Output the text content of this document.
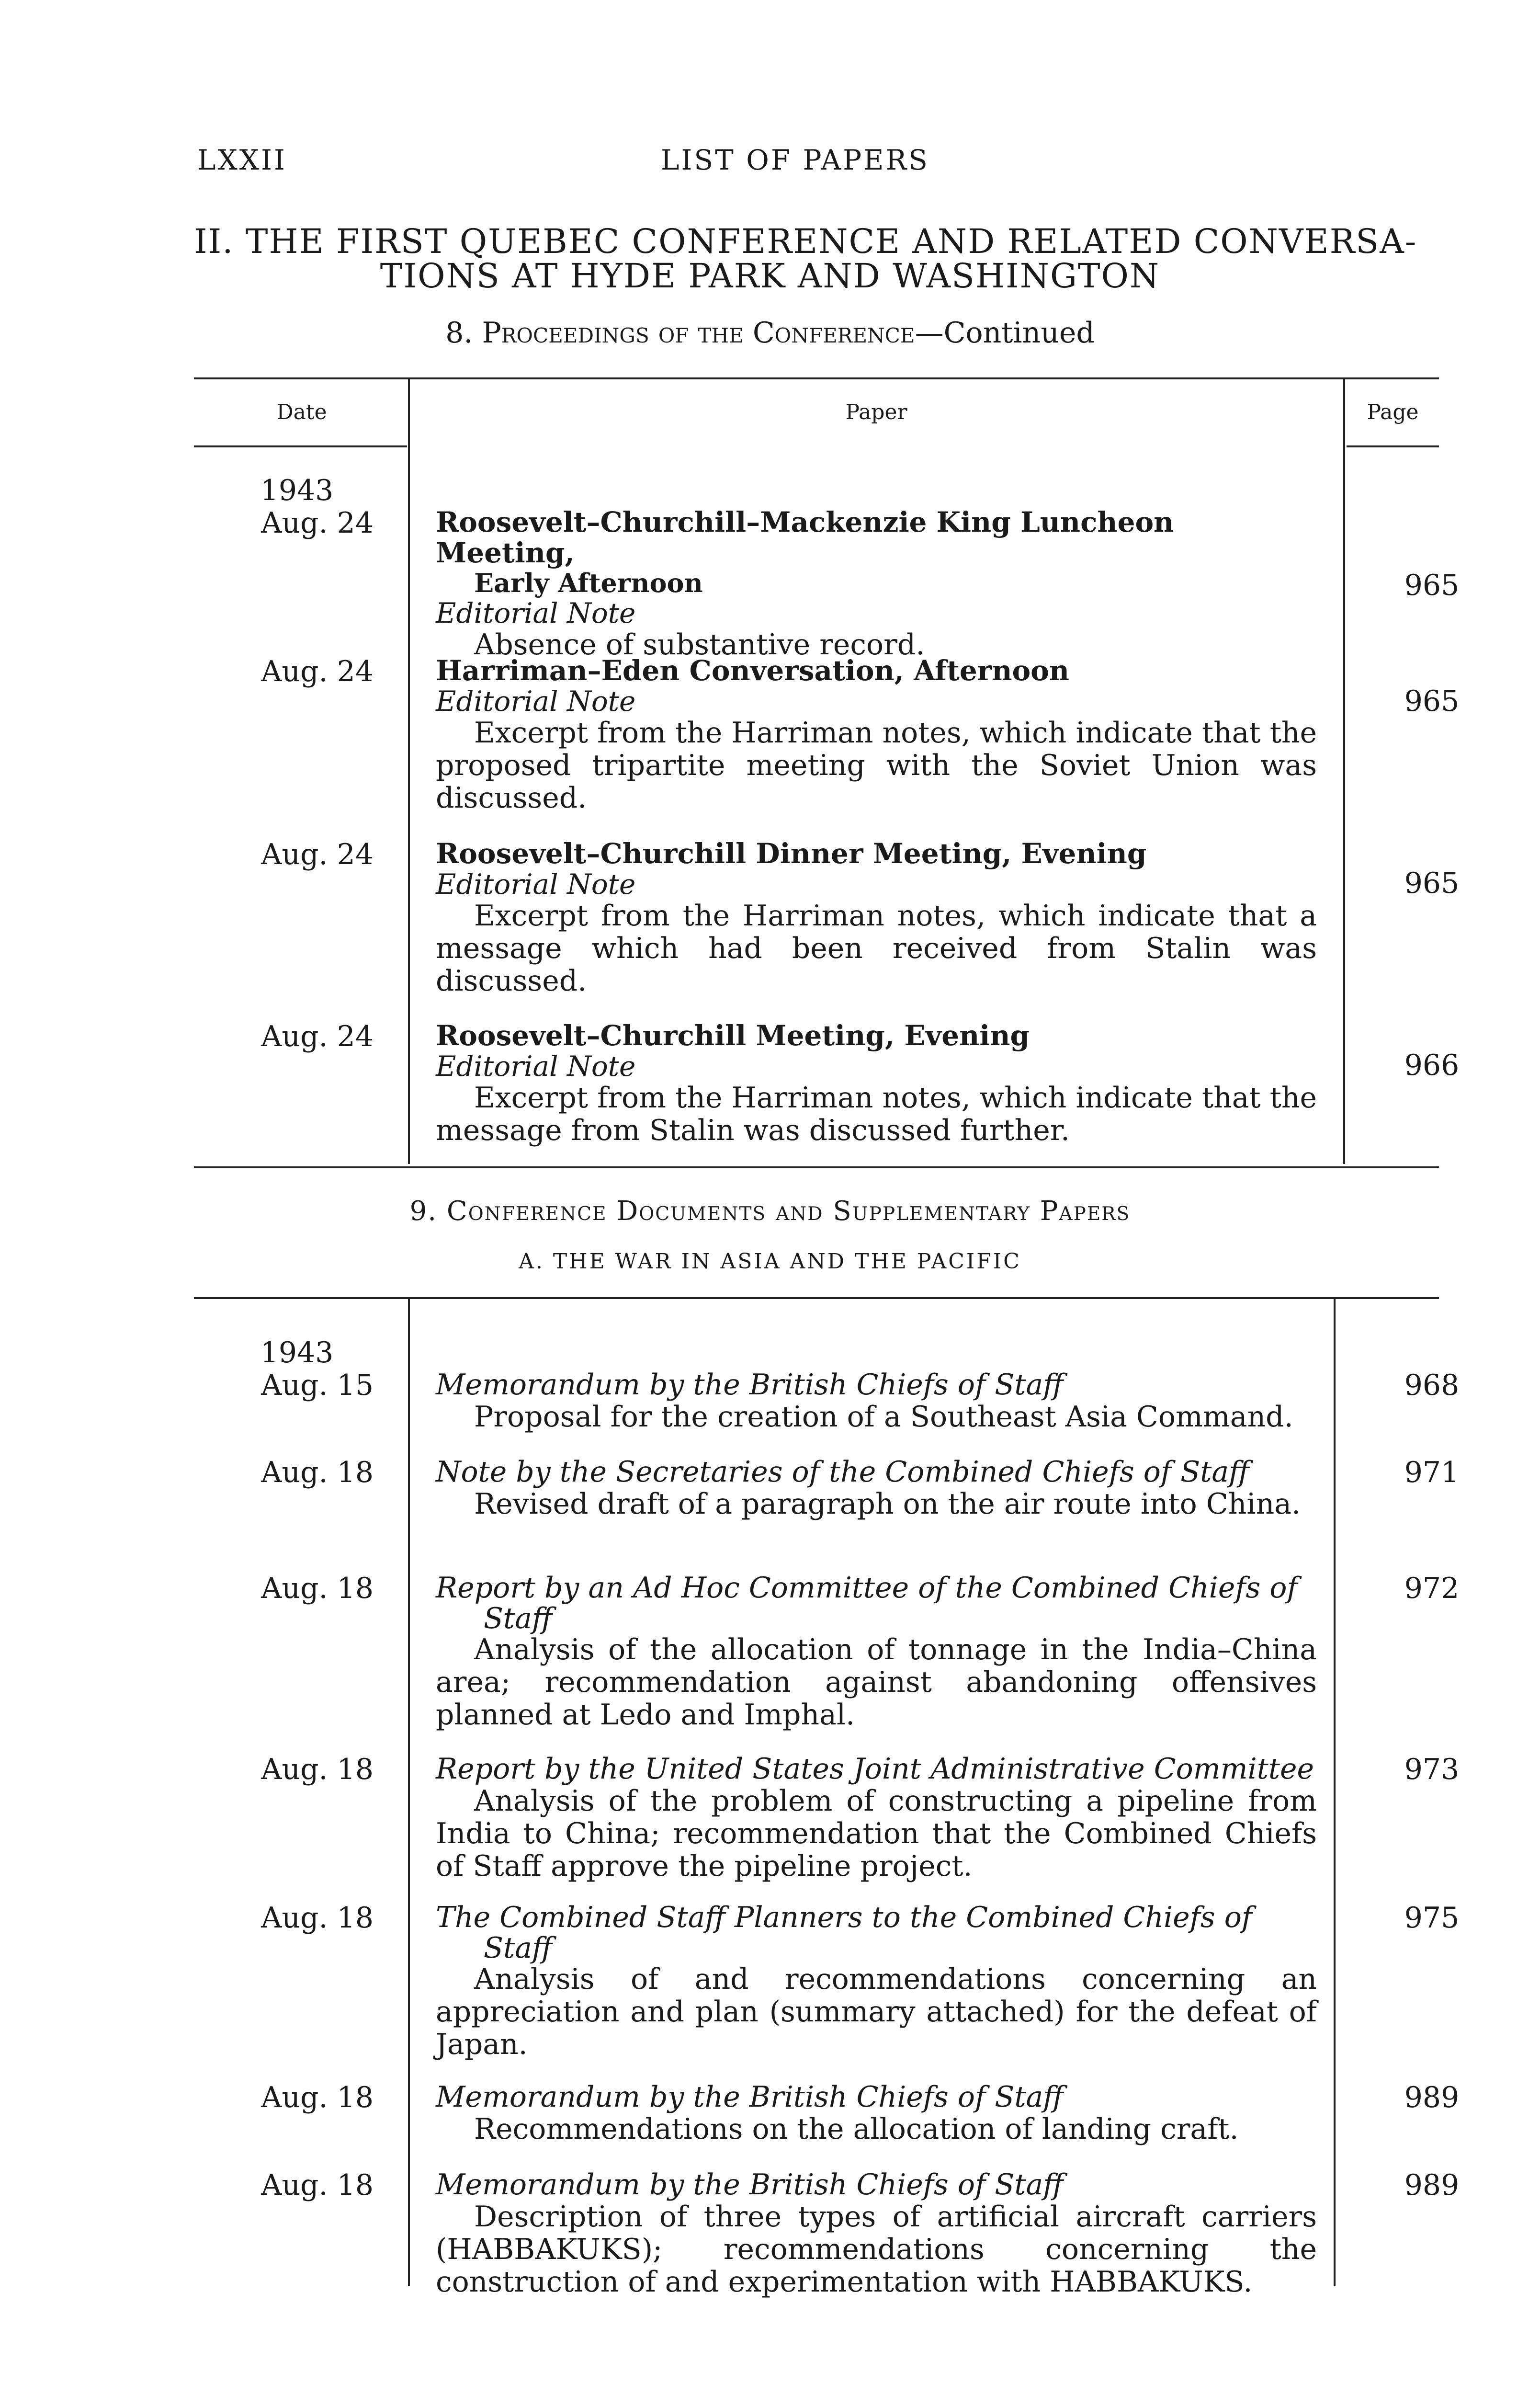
LXXII	LIST OF PAPERS
II. THE FIRST QUEBEC CONFERENCE AND RELATED CONVERSA-
TIONS AT HYDE PARK AND WASHINGTON
8. Proceedings of the Conference—Continued
Date	Paper	Page
1943
Aug. 24 Roosevelt–Churchill–Mackenzie King Luncheon Meeting,
Early Afternoon
Editorial Note
Absence of substantive record.
965
Aug. 24 Harriman–Eden Conversation, Afternoon
Editorial Note
Excerpt from the Harriman notes, which indicate that the proposed tripartite meeting with the Soviet Union was discussed.
965
Aug. 24 Roosevelt–Churchill Dinner Meeting, Evening
Editorial Note
Excerpt from the Harriman notes, which indicate that a message which had been received from Stalin was discussed.
965
Aug. 24 Roosevelt–Churchill Meeting, Evening
Editorial Note
Excerpt from the Harriman notes, which indicate that the message from Stalin was discussed further.
966
9. Conference Documents and Supplementary Papers
A. THE WAR IN ASIA AND THE PACIFIC
1943
Aug. 15 Memorandum by the British Chiefs of Staff
Proposal for the creation of a Southeast Asia Command.
968
Aug. 18 Note by the Secretaries of the Combined Chiefs of Staff
Revised draft of a paragraph on the air route into China.
971
Aug. 18 Report by an Ad Hoc Committee of the Combined Chiefs of
Staff
Analysis of the allocation of tonnage in the India–China area; recommendation against abandoning offensives planned at Ledo and Imphal.
972
Aug. 18 Report by the United States Joint Administrative Committee
Analysis of the problem of constructing a pipeline from India to China; recommendation that the Combined Chiefs of Staff approve the pipeline project.
973
Aug. 18 The Combined Staff Planners to the Combined Chiefs of
Staff
Analysis of and recommendations concerning an appreciation and plan (summary attached) for the defeat of Japan.
975
Aug. 18 Memorandum by the British Chiefs of Staff
Recommendations on the allocation of landing craft.
989
Aug. 18 Memorandum by the British Chiefs of Staff
Description of three types of artificial aircraft carriers (HABBAKUKS); recommendations concerning the construction of and experimentation with HABBAKUKS.
989
